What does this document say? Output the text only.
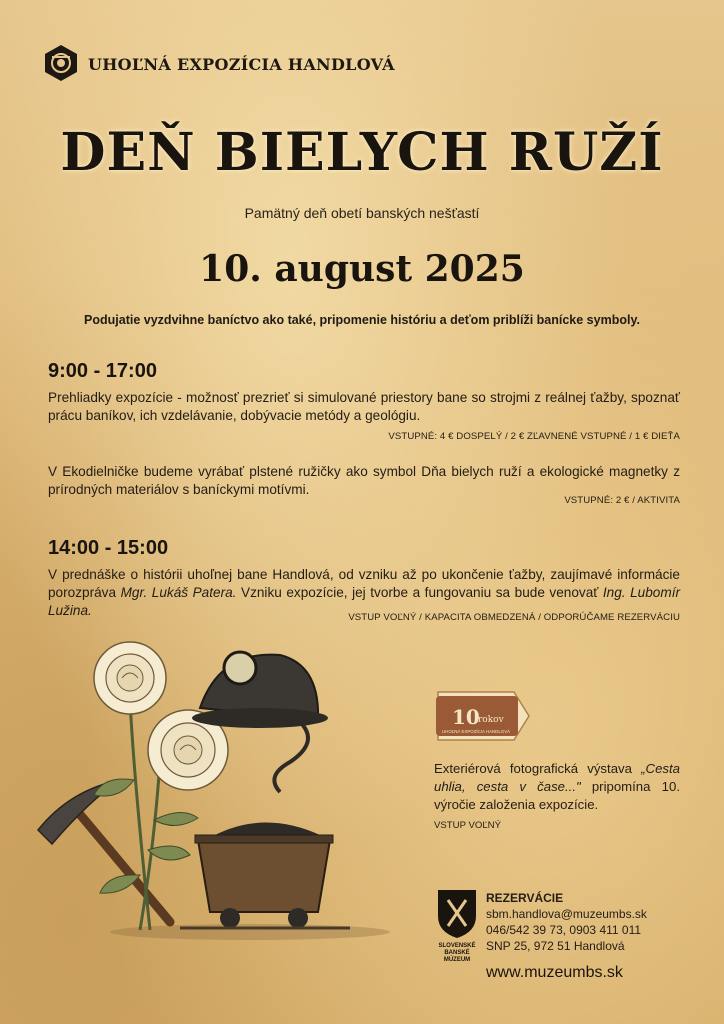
UHOĽNÁ EXPOZÍCIA HANDLOVÁ
DEŇ BIELYCH RUŽÍ
Pamätný deň obetí banských nešťastí
10. august 2025
Podujatie vyzdvihne baníctvo ako také, pripomenie históriu a deťom priblíži banícke symboly.
9:00 - 17:00
Prehliadky expozície - možnosť prezrieť si simulované priestory bane so strojmi z reálnej ťažby, spoznať prácu baníkov, ich vzdelávanie, dobývacie metódy a geológiu.
VSTUPNÉ: 4 € DOSPELÝ / 2 € ZĽAVNENÉ VSTUPNÉ / 1 € DIEŤA
V Ekodielničke budeme vyrábať plstené ružičky ako symbol Dňa bielych ruží a ekologické magnetky z prírodných materiálov s baníckymi motívmi.
VSTUPNÉ: 2 € / AKTIVITA
14:00 - 15:00
V prednáške o histórii uhoľnej bane Handlová, od vzniku až po ukončenie ťažby, zaujímavé informácie porozpráva Mgr. Lukáš Patera. Vzniku expozície, jej tvorbe a fungovaniu sa bude venovať Ing. Lubomír Lužina.	VSTUP VOĽNÝ / KAPACITA OBMEDZENÁ / ODPORÚČAME REZERVÁCIU
10
rokov
UHOĽNÁ EXPOZÍCIA HANDLOVÁ
Exteriérová fotografická výstava „Cesta uhlia, cesta v čase..." pripomína 10. výročie založenia expozície.
VSTUP VOĽNÝ
SLOVENSKÉ
BANSKÉ
MÚZEUM
REZERVÁCIE
sbm.handlova@muzeumbs.sk
046/542 39 73, 0903 411 011
SNP 25, 972 51 Handlová
www.muzeumbs.sk
